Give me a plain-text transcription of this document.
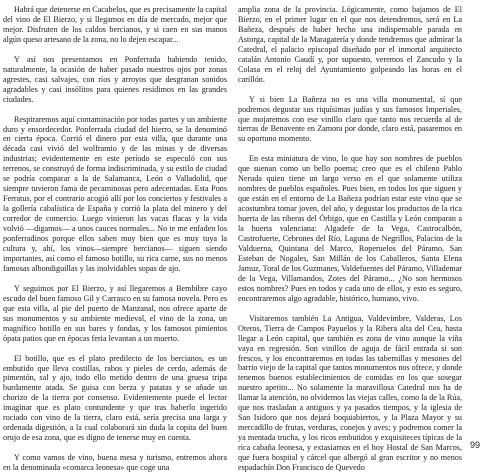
Habrá que detenerse en Cacabelos, que es precisamente la capital del vino de El Bierzo, y si llegamos en día de mercado, mejor que mejor. Disfruten de los caldos bercianos, y si caen en sus manos algún queso artesano de la zona, no lo dejen escapar...

Y así nos presentamos en Ponferrada habiendo tenido, naturalmente, la ocasión de haber pasado nuestros ojos por zonas agrestes, casi salvajes, con ríos y arroyos que desgranan sonidos agradables y casi insólitos para quienes residimos en las grandes ciudades.

Respiraremos aquí contaminación por todas partes y un ambiente duro y ensordecedor. Ponferrada ciudad del hierro, se la denominó en cierta época. Corrió el dinero por esta villa, que durante una década casi vivió del wolframio y de las minas y de diversas industrias; evidentemente en este período se especuló con sus terrenos, se construyó de forma indiscriminada, y su estilo de ciudad se podría comparar a la de Salamanca, León o Valladolid, que siempre tuvieron fama de pecaminosas pero adecentadas. Esta Pons Ferratus, por el contrario acogió allí por los conciertos y festivales a la gollería cabalística de España y corrió la plata del minero y del corredor de comercio. Luego vinieron las vacas flacas y la vida volvió —digamos— a unos cauces normales... No te me enfaden los ponferradinos porque ellos saben muy bien que es muy tuya la cultura y, ahí, los vinos—siempre bercianos— siguen siendo importantes, así como el famoso botillo, su rica carne, sus no menos famosas albondiguillas y las inolvidables sopas de ajo.

Y seguimos por El Bierzo, y así llegaremos a Bembibre cayo escudo del buen famoso Gil y Carrasco en su famosa novela. Pero es que esta villa, al pie del puerto de Manzanal, nos ofrece aparte de sus monumentos y su ambiente medieval, el vino de la zona, un magnífico botillo en sus bares y fondas, y los famosos pimientos ópata patios que en épocas feria levantan a un muerto.

El botillo, que es el plato predilecto de los bercianos, es un embutido que lleva costillas, rabos y pieles de cerdo, además de pimentón, sal y ajo, todo ello metido dentro de una gruesa tripa burdamente atada. Se guisa con berza y patatas y se añade un chorizo de la tierra por consenso. Evidentemente puede el lector imaginar que es plato contundente y que tras haberlo ingerido rociado con vino de la tierra, claro está, sería precisa una larga y ordenada digestión, a la cual colaborará sin duda la copita del buen orujo de esa zona, que es digno de tenerse muy en cuenta.

Y como vamos de vino, buena mesa y turismo, entremos ahora en la denominada «comarca leonesa» que coge una

amplia zona de la provincia. Lógicamente, como bajamos de El Bierzo, en el primer lugar en el que nos detendremos, será en La Bañeza, después de haber hecho una indispensable parada en Astorga, capital de la Maragatería y donde tendremos que admirar la Catedral, el palacio episcopal diseñado por el inmortal arquitecto catalán Antonio Gaudí y, por supuesto, veremos el Zancudo y la Colasa en el reloj del Ayuntamiento golpeando las horas en el carillón.

Y si bien La Bañeza no es una villa monumental, sí que podremos degustar sus riquísimas judías y sus famosos Imperiales, que mojaremos con ese vinillo claro que tanto nos recuerda al de tierras de Benavente en Zamora por donde, claro está, pasaremos en su oportuno momento.

En esta miniatura de vino, lo que hay son nombres de pueblos que suenan como un bello poema; creo que es el chileno Pablo Neruda quien tiene un largo verso en el que solamente utiliza nombres de pueblos españoles. Pues bien, en todos los que siguen y que están en el entorno de La Bañeza podrían estar este vino que se acostumbra tomar joven, del año, y degustar los productos de la rica huerta de las riberas del Órbigo, que en Castilla y León comparan a la huerta valenciana: Algadefe de la Vega, Castrocalbón, Castrofuerte, Cebrones del Río, Laguna de Negrillos, Palacios de la Valduerna, Quintana del Marco, Roperuelos del Páramo, San Esteban de Nogales, San Millán de los Caballeros, Santa Elena Jamuz, Toral de los Guzmanes, Valdefuentes del Páramo, Villademar de la Vega, Villamandos, Zotes del Páramo... ¿No son hermosos estos nombres? Pues en todos y cada uno de ellos, y esto es seguro, encontraremos algo agradable, histórico, humano, vivo.

Visitaremos también La Antigua, Valdevimbre, Valderas, Los Oteros, Tierra de Campos Payuelos y la Ribera alta del Cea, hasta llegar a León capital, que también es zona de vino aunque la viña vaya en regresión. Son vinillos de aguja de fácil entrada si son frescos, y los encontraremos en todas las tabernillas y mesones del barrio viejo de la capital que tantos monumentos nos ofrece, y donde tenemos buenos establecimientos de comidas en los que sosegar nuestro apetito... No solamente la maravillosa Catedral nos ha de llamar la atención, no olvidemos las viejas calles, como la de la Rúa, que nos trasladan a antiguos y ya pasados tiempos, y la iglesia de San Isidoro que nos dejará boquiabiertos, y la Plaza Mayor y su mercadillo de frutas, verduras, conejos y aves; y podremos comer la ya mentada trucha, y los ricos embutidos y exquisiteces típicas de la rica cabaña leonesa, y extasiarnos en el hoy Hostal de San Marcos, que fuera hospital y cárcel que albergó al gran escritor y no menos espadachín Don Francisco de Quevedo

99
